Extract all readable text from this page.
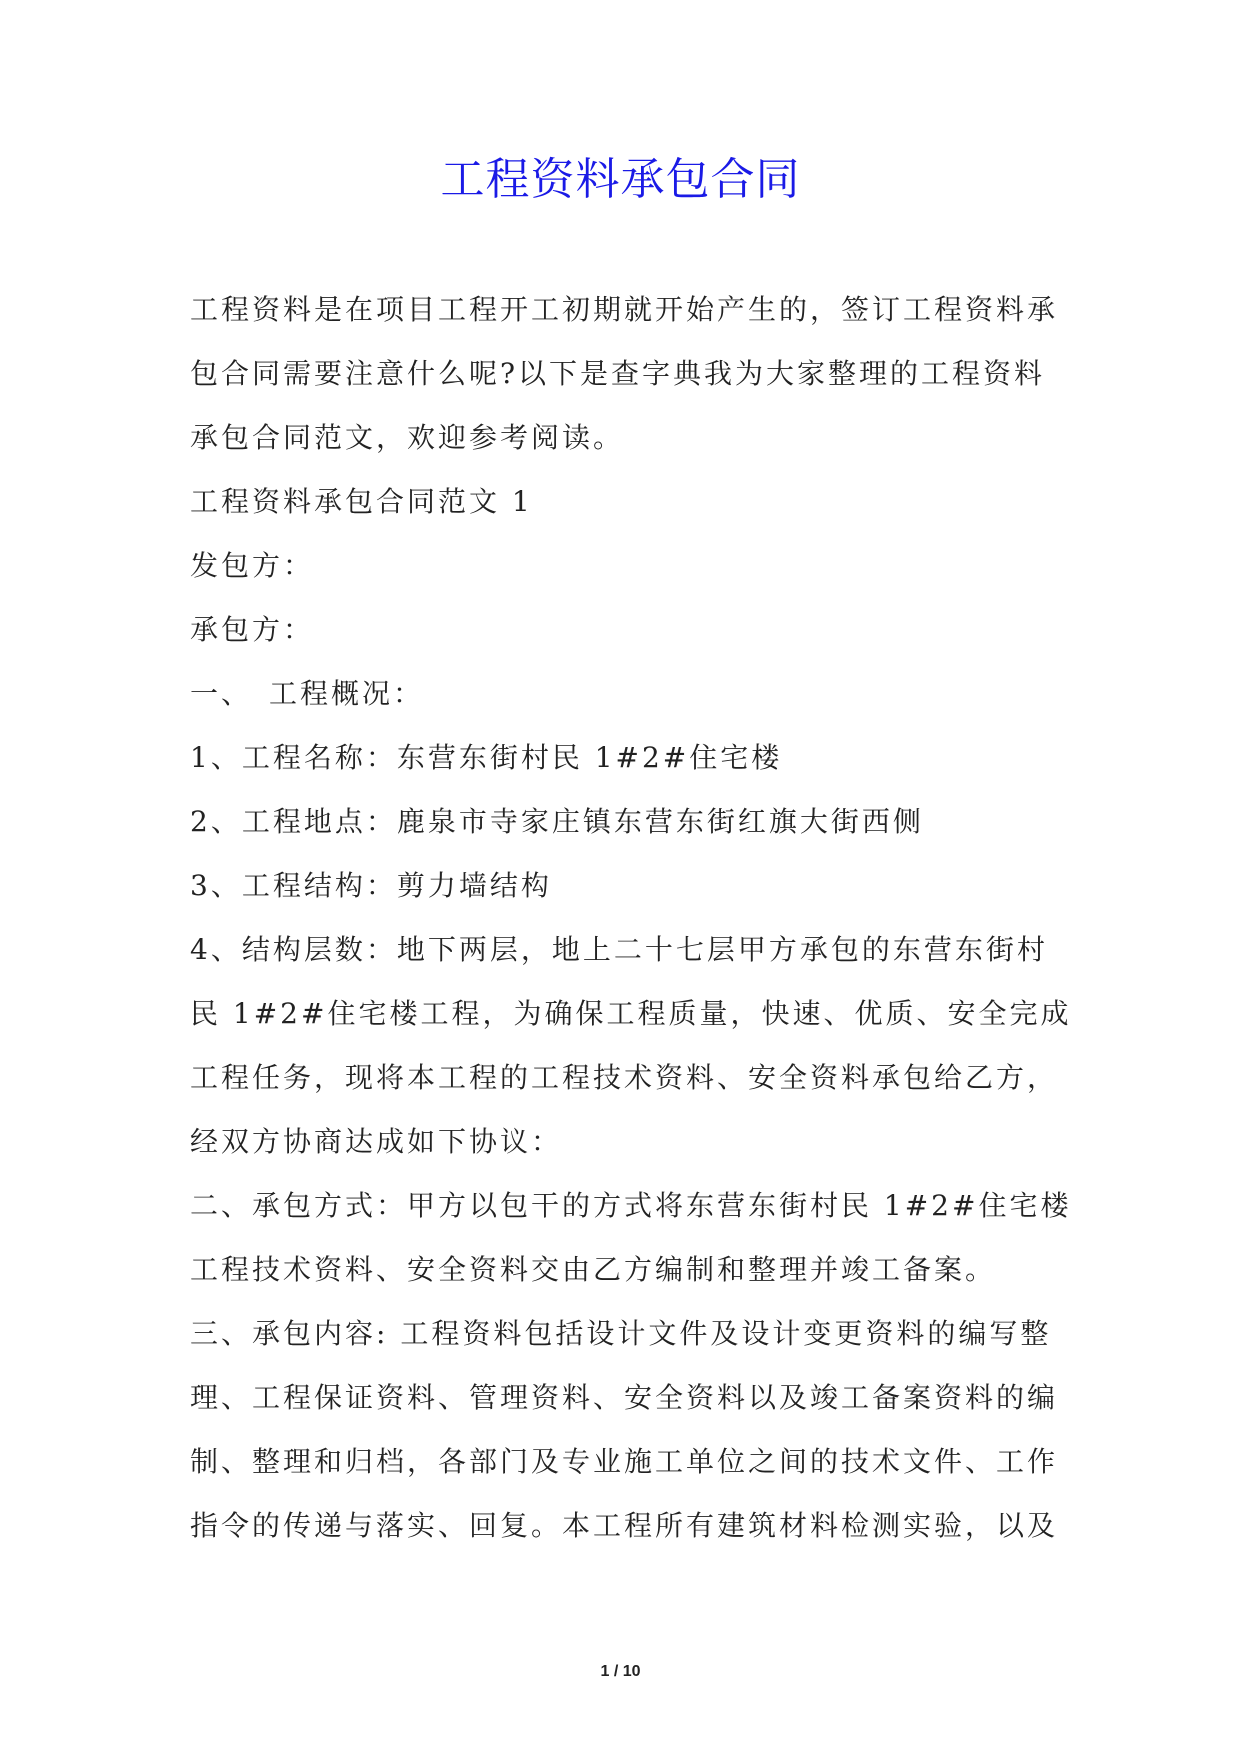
工程资料承包合同

工程资料是在项目工程开工初期就开始产生的，签订工程资料承

包合同需要注意什么呢?以下是查字典我为大家整理的工程资料

承包合同范文，欢迎参考阅读。

工程资料承包合同范文 1

发包方：

承包方：

一、　工程概况：

1、工程名称：东营东街村民 1#2#住宅楼

2、工程地点：鹿泉市寺家庄镇东营东街红旗大街西侧

3、工程结构：剪力墙结构

4、结构层数：地下两层，地上二十七层甲方承包的东营东街村

民 1#2#住宅楼工程，为确保工程质量，快速、优质、安全完成

工程任务，现将本工程的工程技术资料、安全资料承包给乙方，

经双方协商达成如下协议：

二、承包方式：甲方以包干的方式将东营东街村民 1#2#住宅楼

工程技术资料、安全资料交由乙方编制和整理并竣工备案。

三、承包内容: 工程资料包括设计文件及设计变更资料的编写整

理、工程保证资料、管理资料、安全资料以及竣工备案资料的编

制、整理和归档，各部门及专业施工单位之间的技术文件、工作

指令的传递与落实、回复。本工程所有建筑材料检测实验，以及

1 / 10
